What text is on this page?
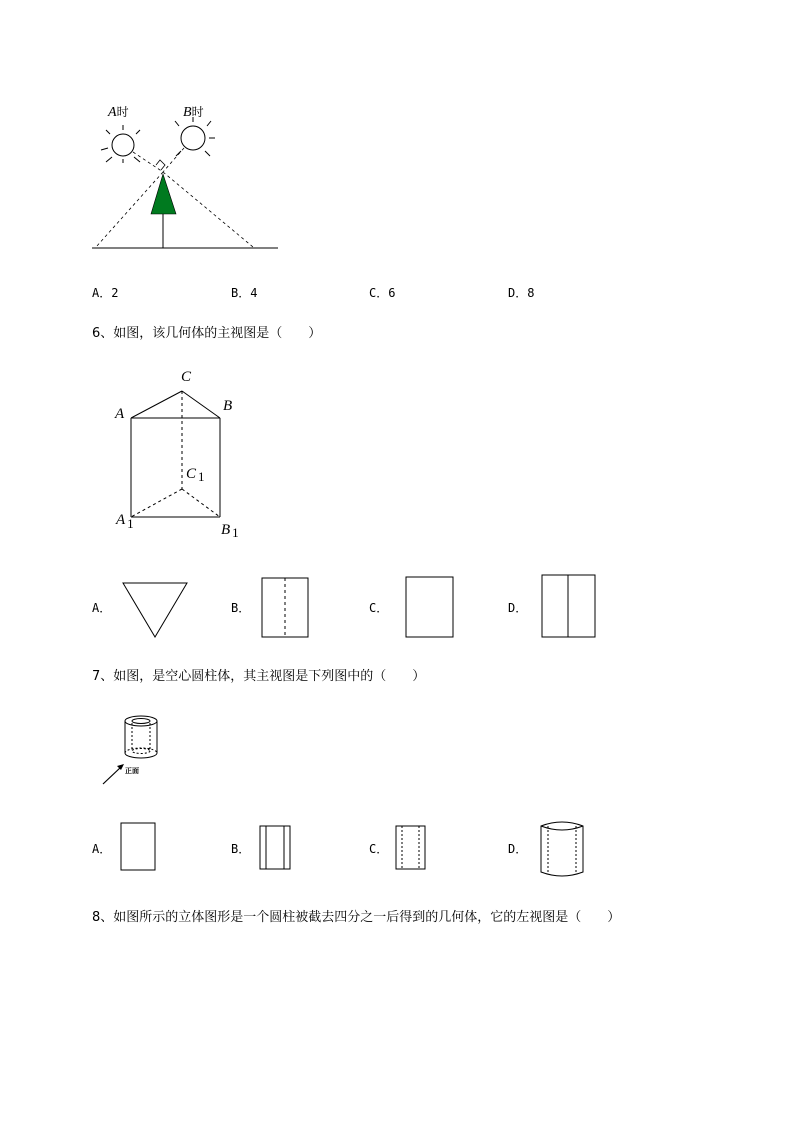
A时	B时
A．2	B．4	C．6	D．8
6、如图，该几何体的主视图是（　　）
C
A	B
C 1
A 1	B 1
A．	B．	C．	D．
7、如图，是空心圆柱体，其主视图是下列图中的（　　）
正面
A．	B．	C．	D．
8、如图所示的立体图形是一个圆柱被截去四分之一后得到的几何体，它的左视图是（　　）
